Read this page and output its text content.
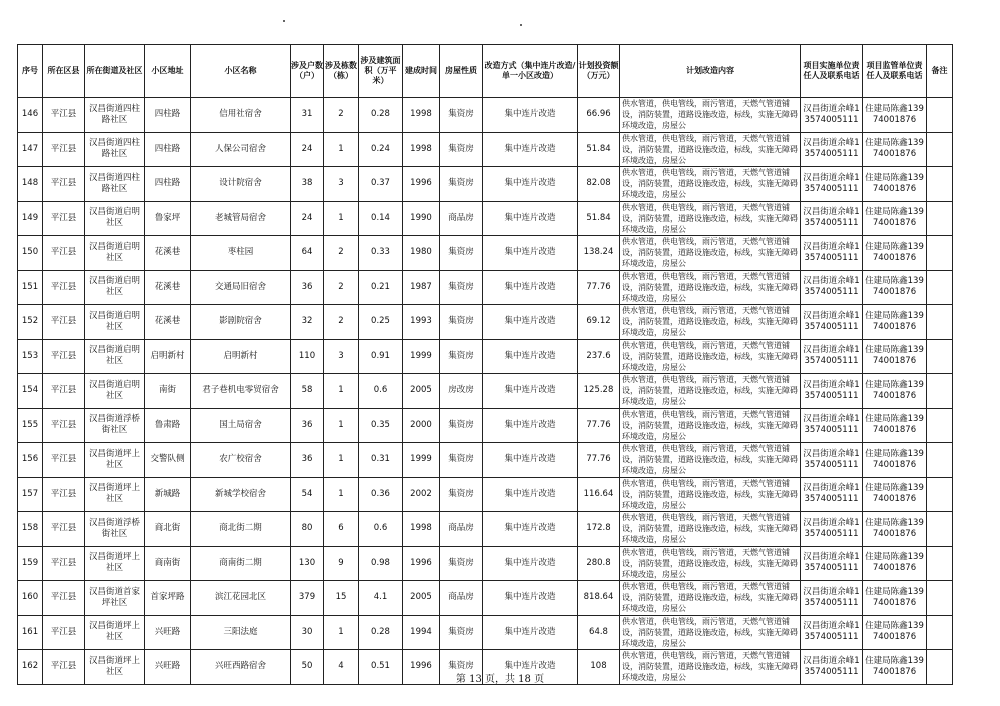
序号	所在区县	所在街道及社区	小区地址	小区名称	涉及户数（户）	涉及栋数（栋）	涉及建筑面积（万平米）	建成时间	房屋性质	改造方式（集中连片改造/单一小区改造）	计划投资额（万元）	计划改造内容	项目实施单位责任人及联系电话	项目监管单位责任人及联系电话	备注
146	平江县	汉昌街道四柱路社区	四柱路	信用社宿舍	31	2	0.28	1998	集资房	集中连片改造	66.96	供水管道，供电管线，雨污管道，天燃气管道铺设，消防装置，道路设施改造，标线，实施无障碍环境改造，房屋公	汉昌街道余峰13574005111	住建局陈鑫13974001876	

147	平江县	汉昌街道四柱路社区	四柱路	人保公司宿舍	24	1	0.24	1998	集资房	集中连片改造	51.84	供水管道，供电管线，雨污管道，天燃气管道铺设，消防装置，道路设施改造，标线，实施无障碍环境改造，房屋公	汉昌街道余峰13574005111	住建局陈鑫13974001876	

148	平江县	汉昌街道四柱路社区	四柱路	设计院宿舍	38	3	0.37	1996	集资房	集中连片改造	82.08	供水管道，供电管线，雨污管道，天燃气管道铺设，消防装置，道路设施改造，标线，实施无障碍环境改造，房屋公	汉昌街道余峰13574005111	住建局陈鑫13974001876	

149	平江县	汉昌街道启明社区	鲁家坪	老城管局宿舍	24	1	0.14	1990	商品房	集中连片改造	51.84	供水管道，供电管线，雨污管道，天燃气管道铺设，消防装置，道路设施改造，标线，实施无障碍环境改造，房屋公	汉昌街道余峰13574005111	住建局陈鑫13974001876	

150	平江县	汉昌街道启明社区	花溪巷	枣柱园	64	2	0.33	1980	集资房	集中连片改造	138.24	供水管道，供电管线，雨污管道，天燃气管道铺设，消防装置，道路设施改造，标线，实施无障碍环境改造，房屋公	汉昌街道余峰13574005111	住建局陈鑫13974001876	

151	平江县	汉昌街道启明社区	花溪巷	交通局旧宿舍	36	2	0.21	1987	集资房	集中连片改造	77.76	供水管道，供电管线，雨污管道，天燃气管道铺设，消防装置，道路设施改造，标线，实施无障碍环境改造，房屋公	汉昌街道余峰13574005111	住建局陈鑫13974001876	

152	平江县	汉昌街道启明社区	花溪巷	影剧院宿舍	32	2	0.25	1993	集资房	集中连片改造	69.12	供水管道，供电管线，雨污管道，天燃气管道铺设，消防装置，道路设施改造，标线，实施无障碍环境改造，房屋公	汉昌街道余峰13574005111	住建局陈鑫13974001876	

153	平江县	汉昌街道启明社区	启明新村	启明新村	110	3	0.91	1999	集资房	集中连片改造	237.6	供水管道，供电管线，雨污管道，天燃气管道铺设，消防装置，道路设施改造，标线，实施无障碍环境改造，房屋公	汉昌街道余峰13574005111	住建局陈鑫13974001876	

154	平江县	汉昌街道启明社区	南街	君子巷机电零贸宿舍	58	1	0.6	2005	房改房	集中连片改造	125.28	供水管道，供电管线，雨污管道，天燃气管道铺设，消防装置，道路设施改造，标线，实施无障碍环境改造，房屋公	汉昌街道余峰13574005111	住建局陈鑫13974001876	

155	平江县	汉昌街道浮桥街社区	鲁肃路	国土局宿舍	36	1	0.35	2000	集资房	集中连片改造	77.76	供水管道，供电管线，雨污管道，天燃气管道铺设，消防装置，道路设施改造，标线，实施无障碍环境改造，房屋公	汉昌街道余峰13574005111	住建局陈鑫13974001876	

156	平江县	汉昌街道坪上社区	交警队侧	农广校宿舍	36	1	0.31	1999	集资房	集中连片改造	77.76	供水管道，供电管线，雨污管道，天燃气管道铺设，消防装置，道路设施改造，标线，实施无障碍环境改造，房屋公	汉昌街道余峰13574005111	住建局陈鑫13974001876	

157	平江县	汉昌街道坪上社区	新城路	新城学校宿舍	54	1	0.36	2002	集资房	集中连片改造	116.64	供水管道，供电管线，雨污管道，天燃气管道铺设，消防装置，道路设施改造，标线，实施无障碍环境改造，房屋公	汉昌街道余峰13574005111	住建局陈鑫13974001876	

158	平江县	汉昌街道浮桥街社区	商北街	商北街二期	80	6	0.6	1998	商品房	集中连片改造	172.8	供水管道，供电管线，雨污管道，天燃气管道铺设，消防装置，道路设施改造，标线，实施无障碍环境改造，房屋公	汉昌街道余峰13574005111	住建局陈鑫13974001876	

159	平江县	汉昌街道坪上社区	商南街	商南街二期	130	9	0.98	1996	集资房	集中连片改造	280.8	供水管道，供电管线，雨污管道，天燃气管道铺设，消防装置，道路设施改造，标线，实施无障碍环境改造，房屋公	汉昌街道余峰13574005111	住建局陈鑫13974001876	

160	平江县	汉昌街道首家坪社区	首家坪路	滨江花园北区	379	15	4.1	2005	商品房	集中连片改造	818.64	供水管道，供电管线，雨污管道，天燃气管道铺设，消防装置，道路设施改造，标线，实施无障碍环境改造，房屋公	汉昌街道余峰13574005111	住建局陈鑫13974001876	

161	平江县	汉昌街道坪上社区	兴旺路	三阳法庭	30	1	0.28	1994	集资房	集中连片改造	64.8	供水管道，供电管线，雨污管道，天燃气管道铺设，消防装置，道路设施改造，标线，实施无障碍环境改造，房屋公	汉昌街道余峰13574005111	住建局陈鑫13974001876	

162	平江县	汉昌街道坪上社区	兴旺路	兴旺西路宿舍	50	4	0.51	1996	集资房	集中连片改造	108	供水管道，供电管线，雨污管道，天燃气管道铺设，消防装置，道路设施改造，标线，实施无障碍环境改造，房屋公	汉昌街道余峰13574005111	住建局陈鑫13974001876	

第 13 页，共 18 页
